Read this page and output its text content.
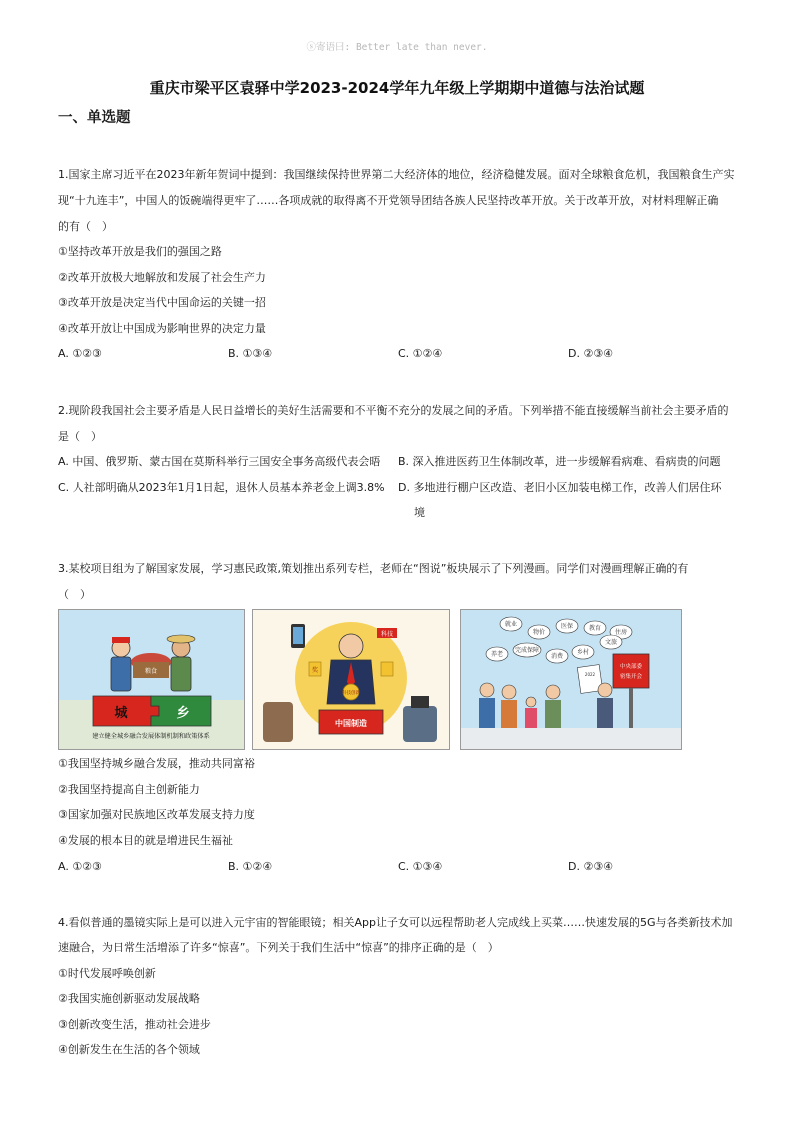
ⓢ寄语曰: Better late than never.
重庆市梁平区袁驿中学2023-2024学年九年级上学期期中道德与法治试题
一、单选题
1.国家主席习近平在2023年新年贺词中提到：我国继续保持世界第二大经济体的地位，经济稳健发展。面对全球粮食危机，我国粮食生产实
现“十九连丰”，中国人的饭碗端得更牢了……各项成就的取得离不开党领导团结各族人民坚持改革开放。关于改革开放，对材料理解正确
的有（　）
①坚持改革开放是我们的强国之路
②改革开放极大地解放和发展了社会生产力
③改革开放是决定当代中国命运的关键一招
④改革开放让中国成为影响世界的决定力量
A. ①②③	B. ①③④	C. ①②④	D. ②③④
2.现阶段我国社会主要矛盾是人民日益增长的美好生活需要和不平衡不充分的发展之间的矛盾。下列举措不能直接缓解当前社会主要矛盾的
是（　）
A. 中国、俄罗斯、蒙古国在莫斯科举行三国安全事务高级代表会晤 B. 深入推进医药卫生体制改革，进一步缓解看病难、看病贵的问题
C. 人社部明确从2023年1月1日起，退休人员基本养老金上调3.8% D. 多地进行棚户区改造、老旧小区加装电梯工作，改善人们居住环
境
3.某校项目组为了解国家发展，学习惠民政策,策划推出系列专栏，老师在“图说”板块展示了下列漫画。同学们对漫画理解正确的有
（　）
粮食
城	乡
建立健全城乡融合发展体制机制和政策体系
科技创新
奖
科技
中国制造
就业
物价
医保	教育
住房
养老
完成保障
消费
乡村
文旅
中央部委
密集开会
2022
①我国坚持城乡融合发展，推动共同富裕
②我国坚持提高自主创新能力
③国家加强对民族地区改革发展支持力度
④发展的根本目的就是增进民生福祉
A. ①②③	B. ①②④	C. ①③④	D. ②③④
4.看似普通的墨镜实际上是可以进入元宇宙的智能眼镜；相关App让子女可以远程帮助老人完成线上买菜……快速发展的5G与各类新技术加
速融合，为日常生活增添了许多“惊喜”。下列关于我们生活中“惊喜”的排序正确的是（　）
①时代发展呼唤创新
②我国实施创新驱动发展战略
③创新改变生活，推动社会进步
④创新发生在生活的各个领域
